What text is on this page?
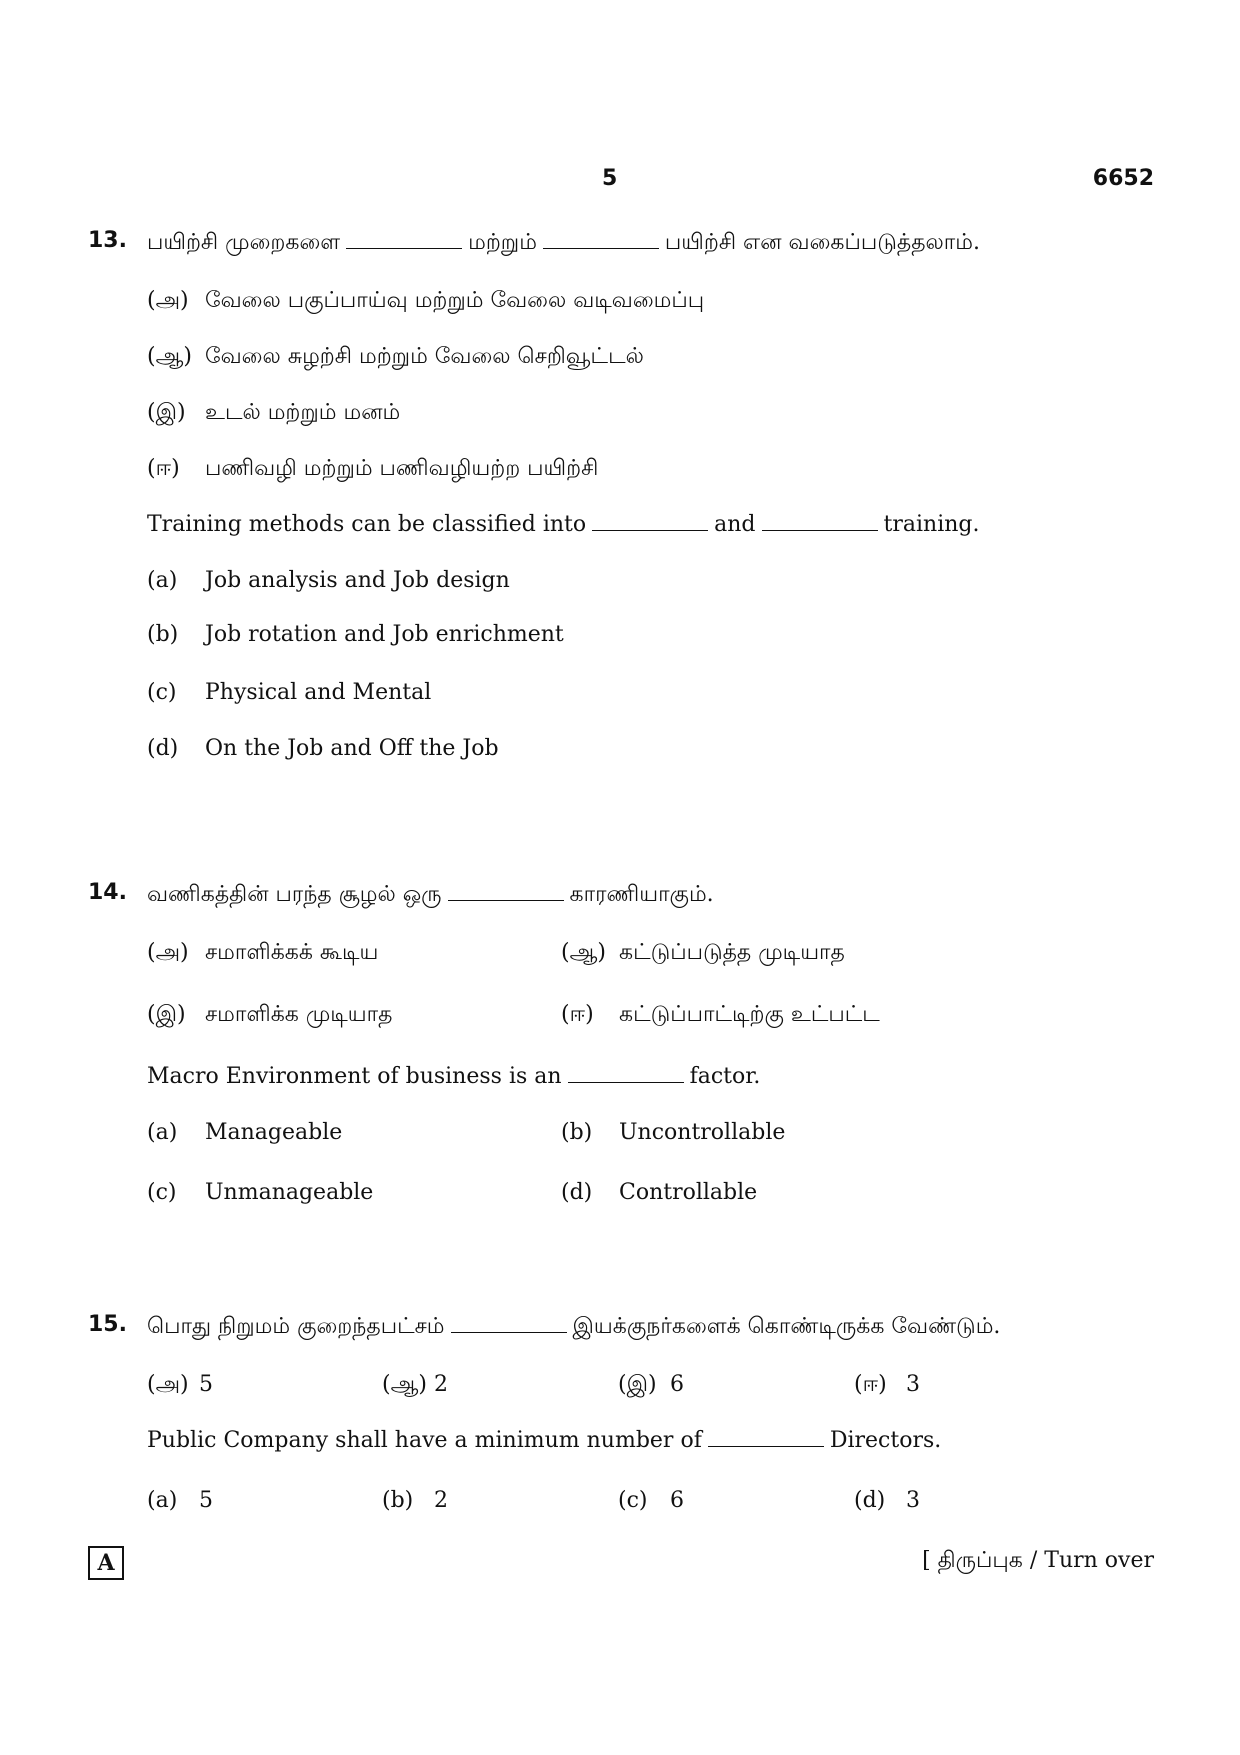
5	6652
13. பயிற்சி முறைகளை	மற்றும்	பயிற்சி என வகைப்படுத்தலாம்.
(அ) வேலை பகுப்பாய்வு மற்றும் வேலை வடிவமைப்பு
(ஆ) வேலை சுழற்சி மற்றும் வேலை செறிவூட்டல்
(இ) உடல் மற்றும் மனம்
(ஈ) பணிவழி மற்றும் பணிவழியற்ற பயிற்சி
Training methods can be classified into	and	training.
(a) Job analysis and Job design
(b) Job rotation and Job enrichment
(c) Physical and Mental
(d) On the Job and Off the Job
14. வணிகத்தின் பரந்த சூழல் ஒரு	காரணியாகும்.
(அ) சமாளிக்கக் கூடிய	(ஆ) கட்டுப்படுத்த முடியாத
(இ) சமாளிக்க முடியாத	(ஈ) கட்டுப்பாட்டிற்கு உட்பட்ட
Macro Environment of business is an	factor.
(a) Manageable	(b) Uncontrollable
(c) Unmanageable	(d) Controllable
15. பொது நிறுமம் குறைந்தபட்சம்	இயக்குநர்களைக் கொண்டிருக்க வேண்டும்.
(அ) 5	(ஆ) 2	(இ) 6	(ஈ) 3
Public Company shall have a minimum number of	Directors.
(a) 5	(b) 2	(c) 6	(d) 3
A	[ திருப்புக / Turn over
